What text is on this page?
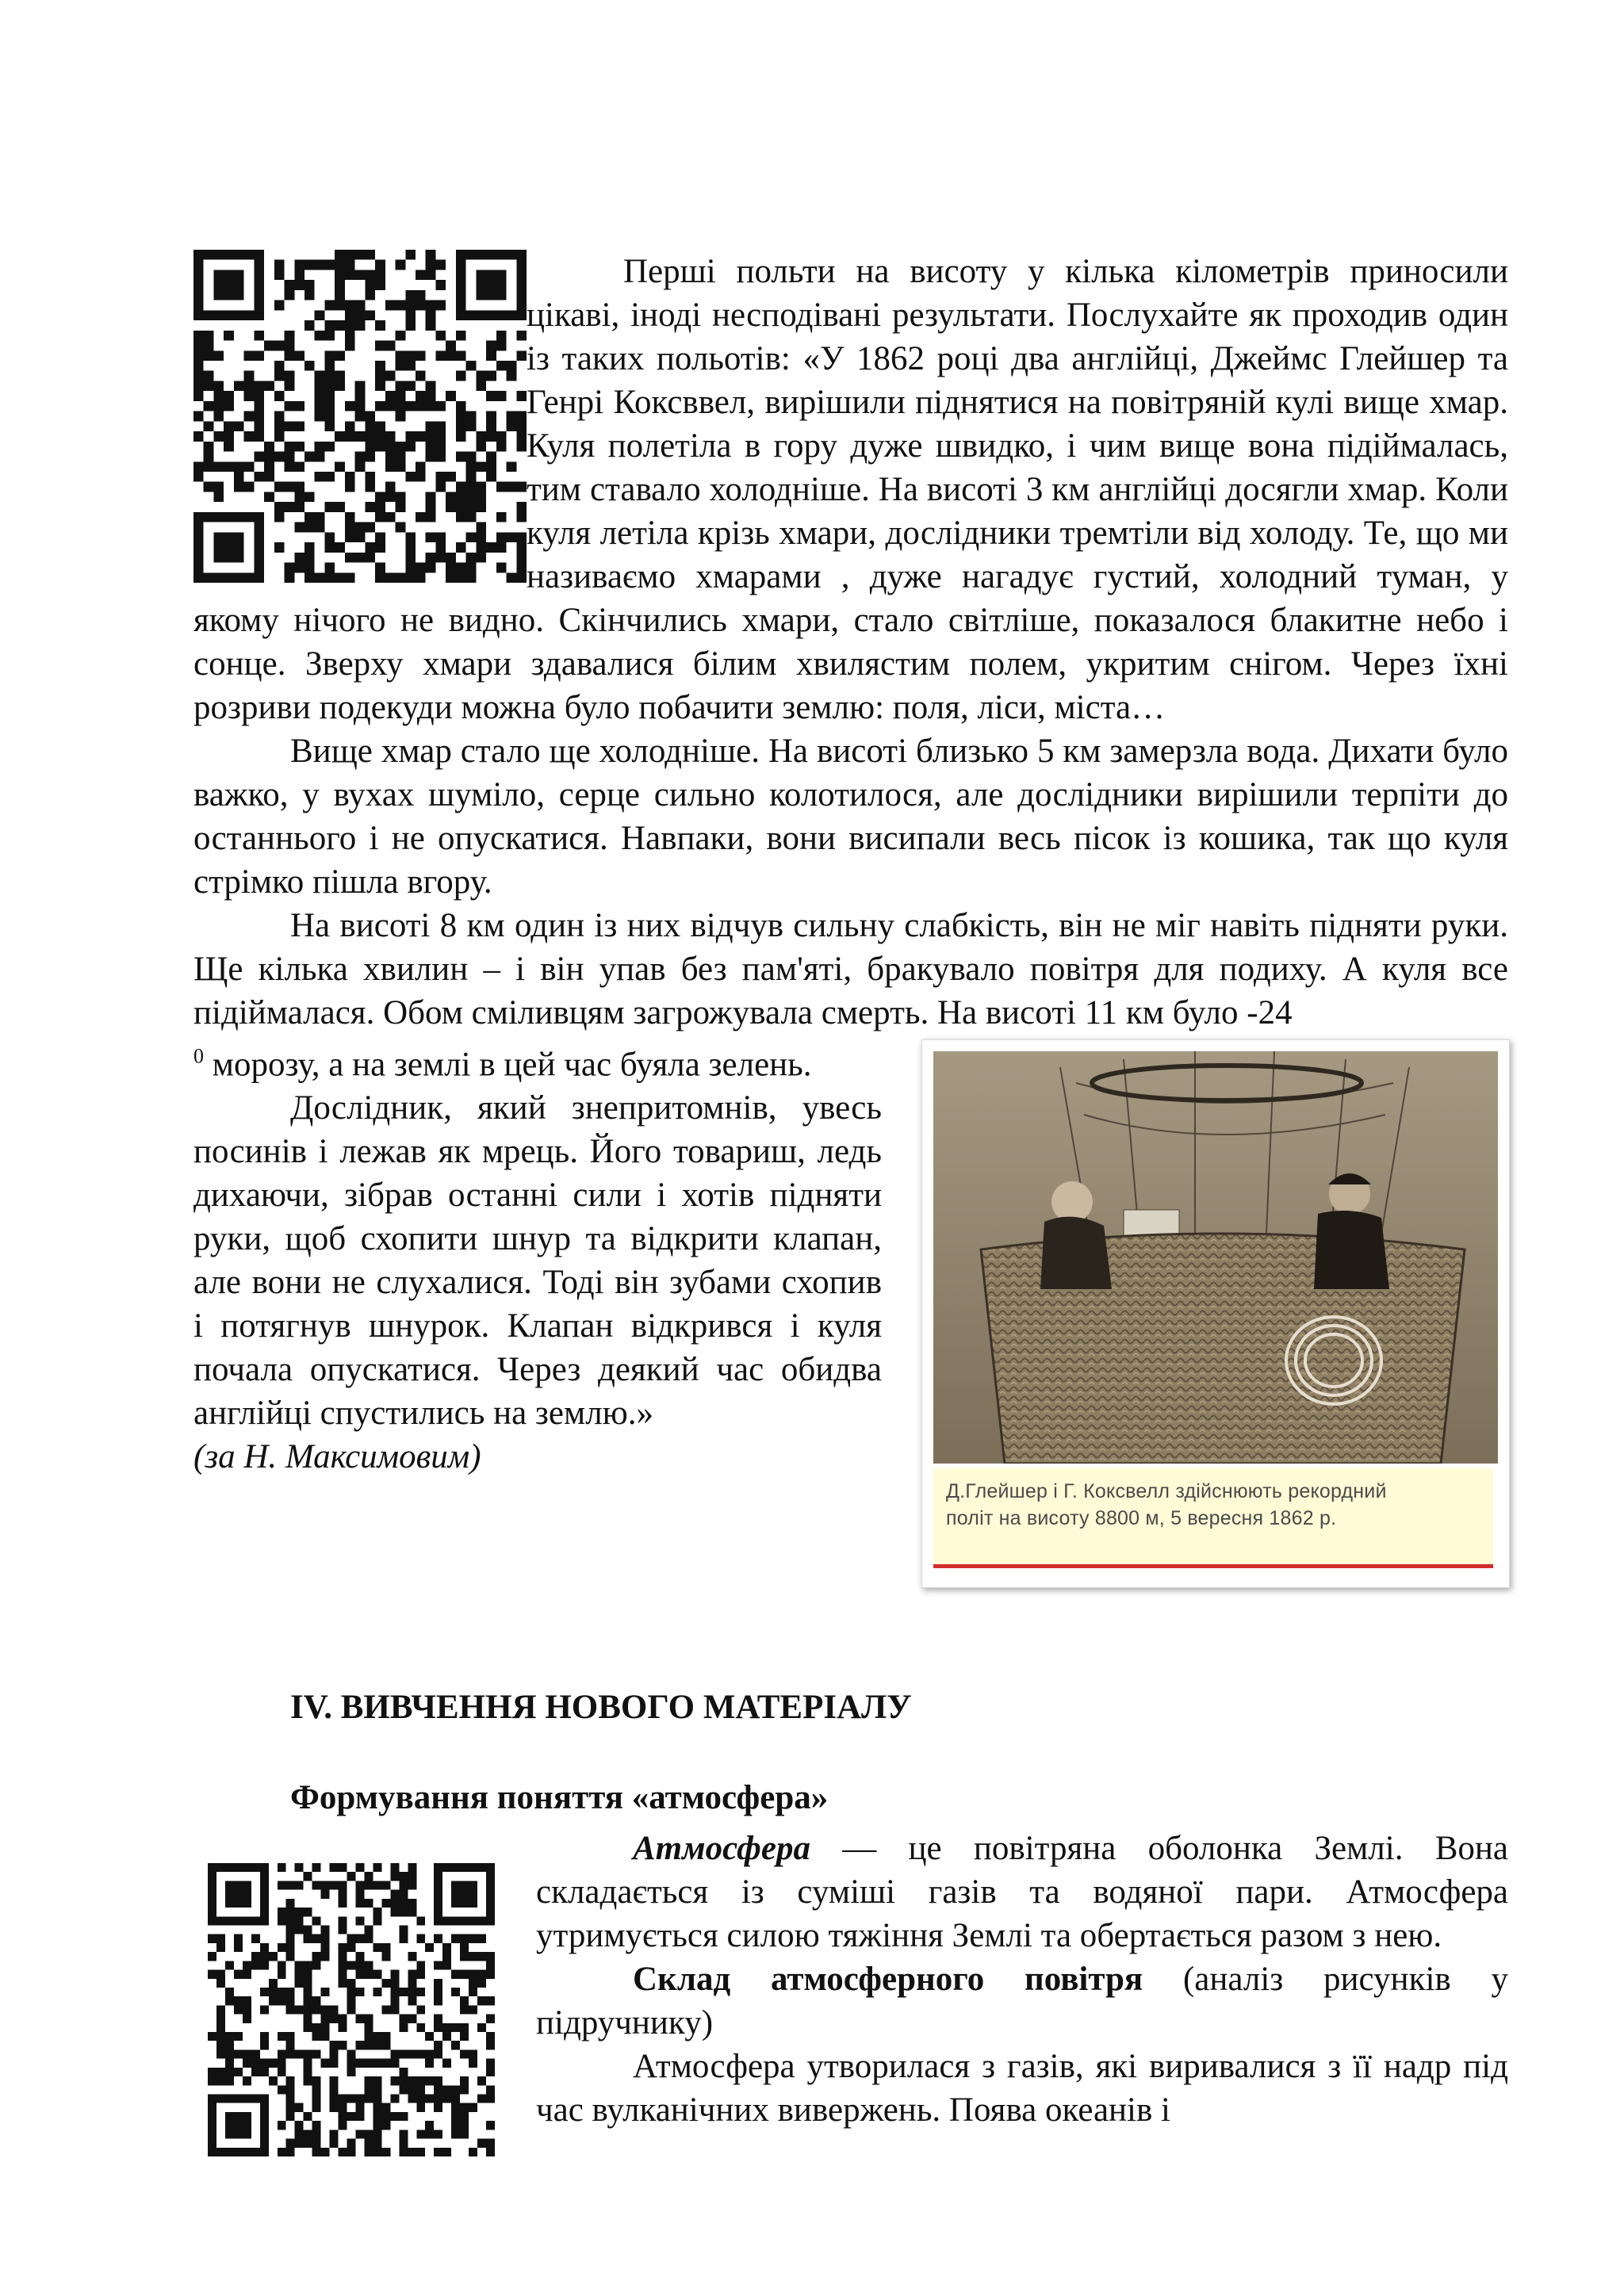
Перші польти на висоту у кілька кілометрів приносили цікаві, іноді несподівані результати. Послухайте як проходив один із таких польотів: «У 1862 році два англійці, Джеймс Глейшер та Генрі Коксввел, вирішили піднятися на повітряній кулі вище хмар. Куля полетіла в гору дуже швидко, і чим вище вона підіймалась, тим ставало холодніше. На висоті 3 км англійці досягли хмар. Коли куля летіла крізь хмари, дослідники тремтіли від холоду. Те, що ми називаємо хмарами , дуже нагадує густий, холодний туман, у якому нічого не видно. Скінчились хмари, стало світліше, показалося блакитне небо і сонце. Зверху хмари здавалися білим хвилястим полем, укритим снігом. Через їхні розриви подекуди можна було побачити землю: поля, ліси, міста…

Вище хмар стало ще холодніше. На висоті близько 5 км замерзла вода. Дихати було важко, у вухах шуміло, серце сильно колотилося, але дослідники вирішили терпіти до останнього і не опускатися. Навпаки, вони висипали весь пісок із кошика, так що куля стрімко пішла вгору.

На висоті 8 км один із них відчув сильну слабкість, він не міг навіть підняти руки. Ще кілька хвилин – і він упав без пам'яті, бракувало повітря для подиху. А куля все підіймалася. Обом сміливцям загрожувала смерть. На висоті 11 км було -24

Д.Глейшер і Г. Коксвелл здійснюють рекордний
політ на висоту 8800 м, 5 вересня 1862 р.

$^0$ морозу, а на землі в цей час буяла зелень.

Дослідник, який знепритомнів, увесь посинів і лежав як мрець. Його товариш, ледь дихаючи, зібрав останні сили і хотів підняти руки, щоб схопити шнур та відкрити клапан, але вони не слухалися. Тоді він зубами схопив і потягнув шнурок. Клапан відкрився і куля почала опускатися. Через деякий час обидва англійці спустились на землю.»

(за Н. Максимовим)

IV. ВИВЧЕННЯ НОВОГО МАТЕРІАЛУ
Формування поняття «атмосфера»

Атмосфера — це повітряна оболонка Землі. Вона складається із суміші газів та водяної пари. Атмосфера утримується силою тяжіння Землі та обертається разом з нею.

Склад атмосферного повітря (аналіз рисунків у підручнику)

Атмосфера утворилася з газів, які виривалися з її надр під час вулканічних вивержень. Поява океанів і
